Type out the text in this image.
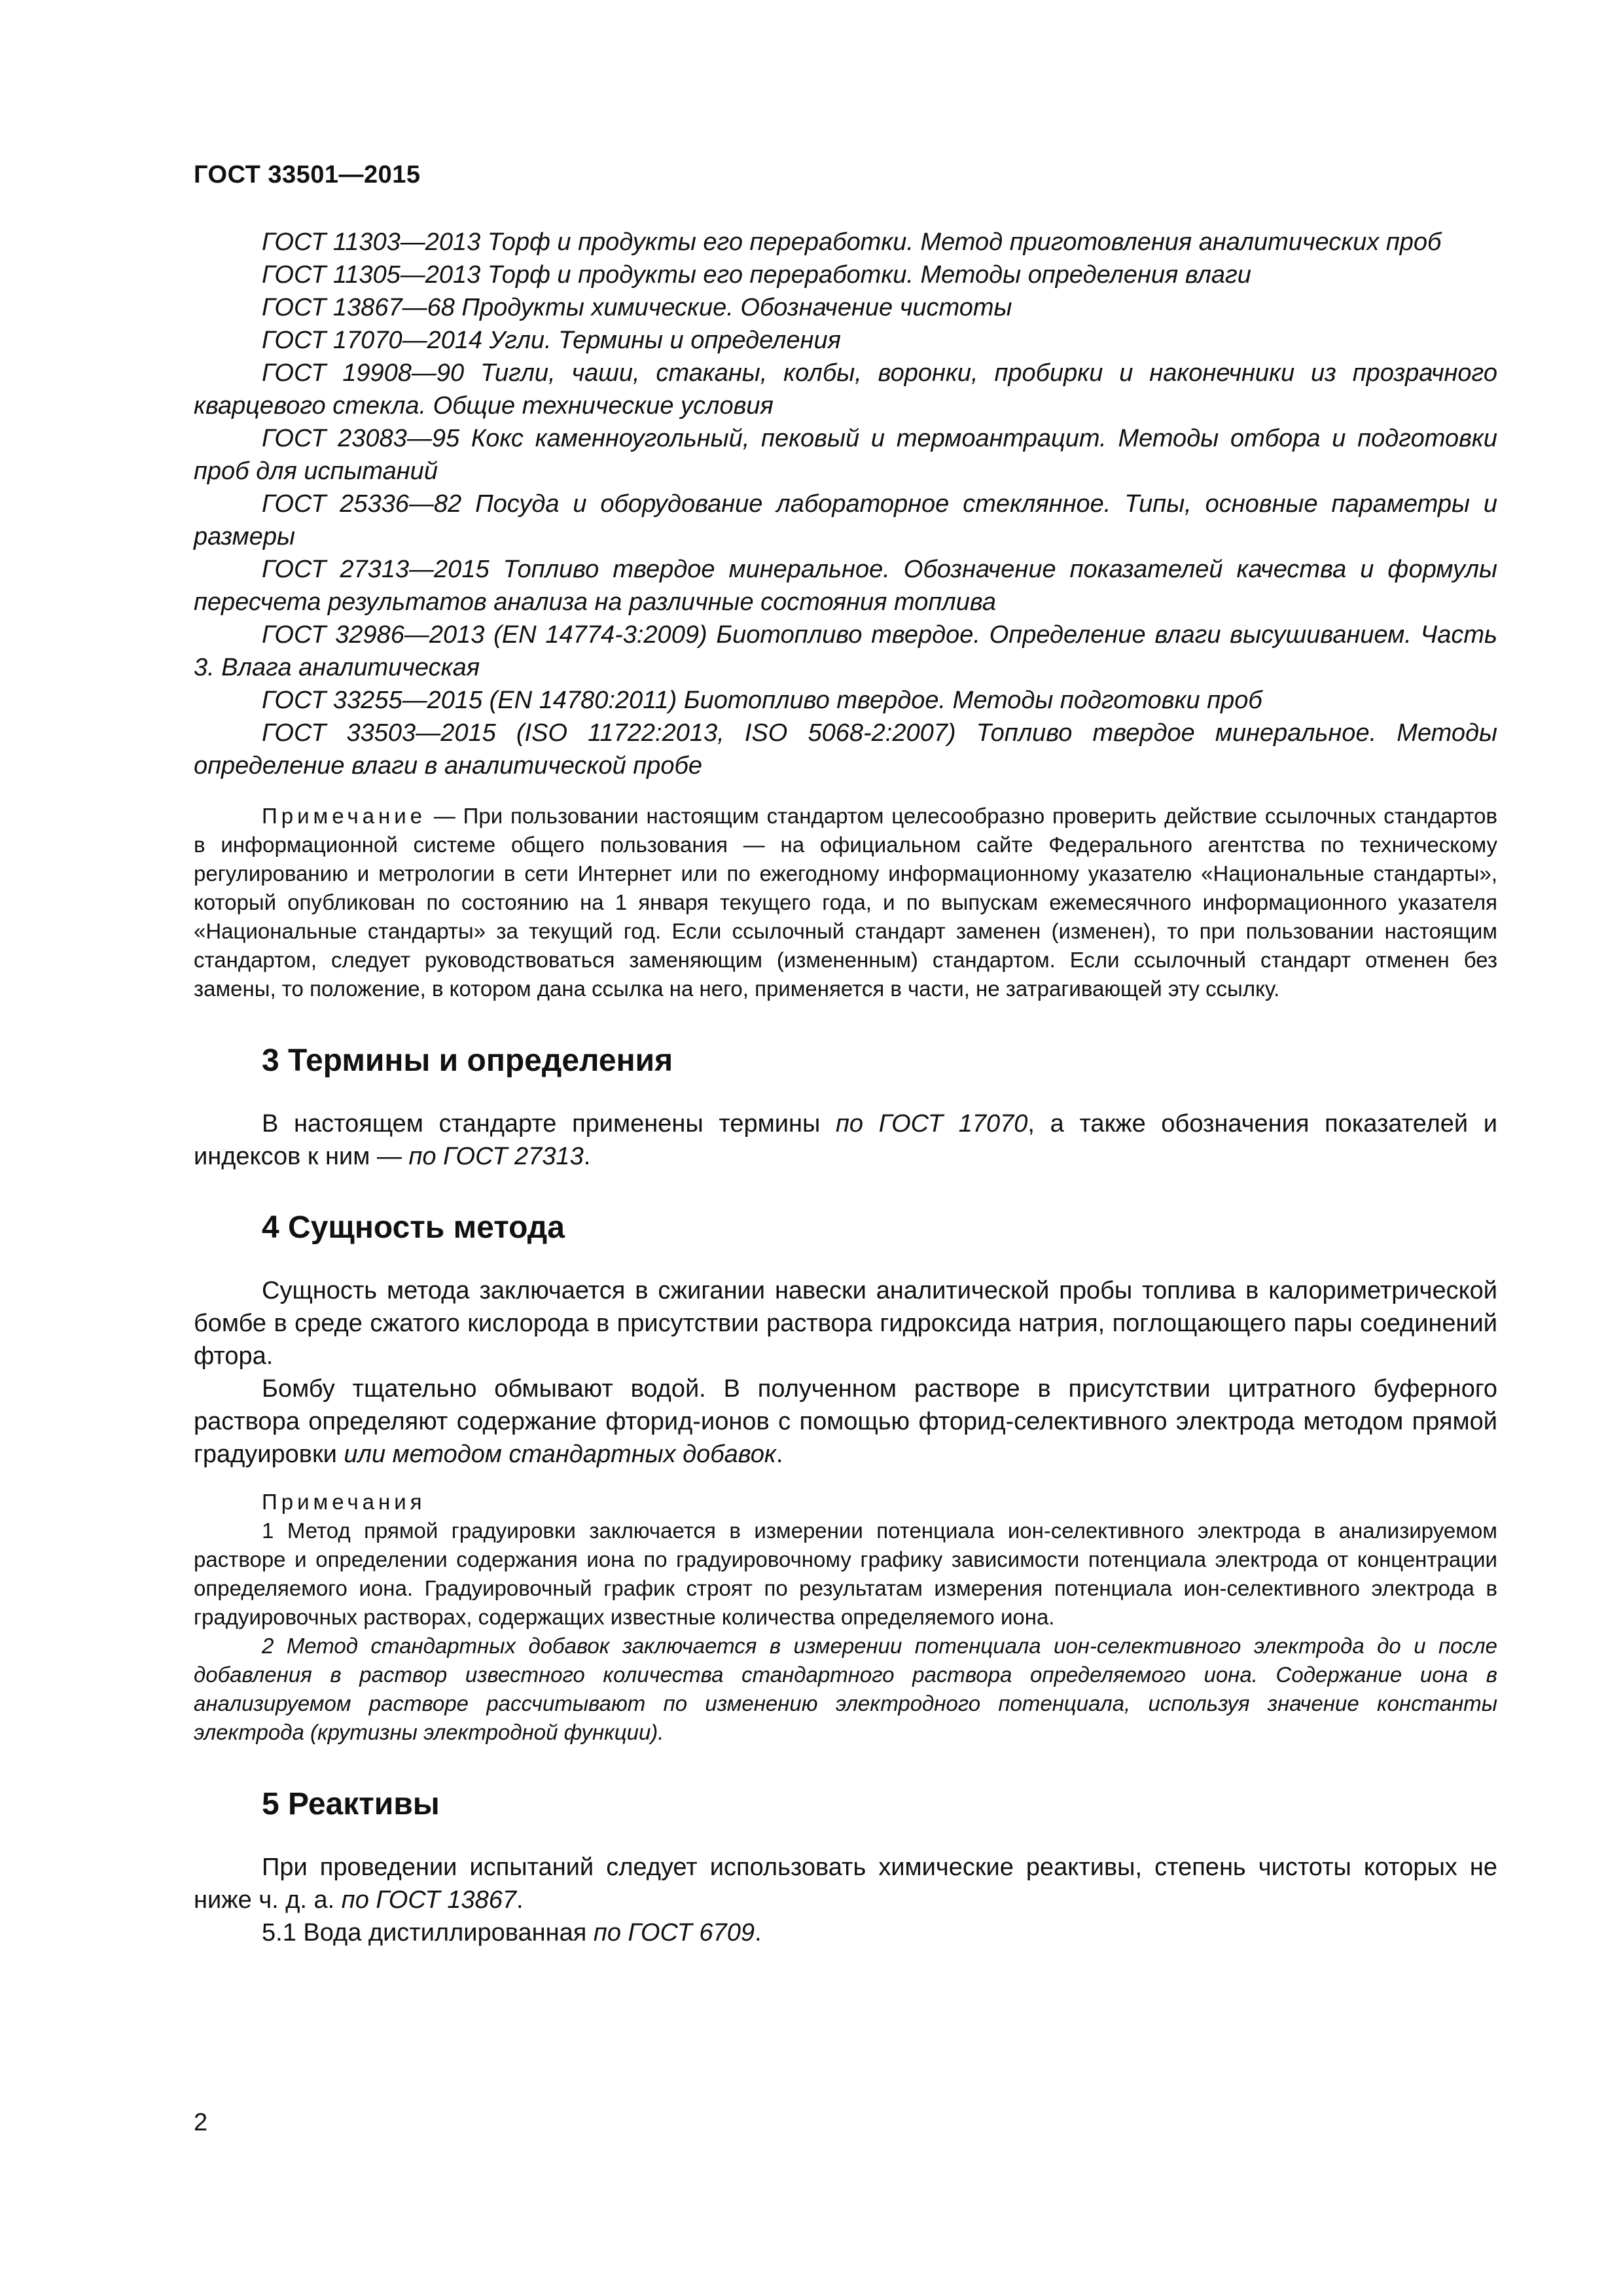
ГОСТ 33501—2015

ГОСТ 11303—2013 Торф и продукты его переработки. Метод приготовления аналитических проб

ГОСТ 11305—2013 Торф и продукты его переработки. Методы определения влаги

ГОСТ 13867—68 Продукты химические. Обозначение чистоты

ГОСТ 17070—2014 Угли. Термины и определения

ГОСТ 19908—90 Тигли, чаши, стаканы, колбы, воронки, пробирки и наконечники из прозрачного кварцевого стекла. Общие технические условия

ГОСТ 23083—95 Кокс каменноугольный, пековый и термоантрацит. Методы отбора и подготовки проб для испытаний

ГОСТ 25336—82 Посуда и оборудование лабораторное стеклянное. Типы, основные параметры и размеры

ГОСТ 27313—2015 Топливо твердое минеральное. Обозначение показателей качества и формулы пересчета результатов анализа на различные состояния топлива

ГОСТ 32986—2013 (EN 14774-3:2009) Биотопливо твердое. Определение влаги высушиванием. Часть 3. Влага аналитическая

ГОСТ 33255—2015 (EN 14780:2011) Биотопливо твердое. Методы подготовки проб

ГОСТ 33503—2015 (ISO 11722:2013, ISO 5068-2:2007) Топливо твердое минеральное. Методы определение влаги в аналитической пробе

Примечание — При пользовании настоящим стандартом целесообразно проверить действие ссылочных стандартов в информационной системе общего пользования — на официальном сайте Федерального агентства по техническому регулированию и метрологии в сети Интернет или по ежегодному информационному указателю «Национальные стандарты», который опубликован по состоянию на 1 января текущего года, и по выпускам ежемесячного информационного указателя «Национальные стандарты» за текущий год. Если ссылочный стандарт заменен (изменен), то при пользовании настоящим стандартом, следует руководствоваться заменяющим (измененным) стандартом. Если ссылочный стандарт отменен без замены, то положение, в котором дана ссылка на него, применяется в части, не затрагивающей эту ссылку.

3 Термины и определения

В настоящем стандарте применены термины по ГОСТ 17070, а также обозначения показателей и индексов к ним — по ГОСТ 27313.

4 Сущность метода

Сущность метода заключается в сжигании навески аналитической пробы топлива в калориметрической бомбе в среде сжатого кислорода в присутствии раствора гидроксида натрия, поглощающего пары соединений фтора.

Бомбу тщательно обмывают водой. В полученном растворе в присутствии цитратного буферного раствора определяют содержание фторид-ионов с помощью фторид-селективного электрода методом прямой градуировки или методом стандартных добавок.

Примечания

1 Метод прямой градуировки заключается в измерении потенциала ион-селективного электрода в анализируемом растворе и определении содержания иона по градуировочному графику зависимости потенциала электрода от концентрации определяемого иона. Градуировочный график строят по результатам измерения потенциала ион-селективного электрода в градуировочных растворах, содержащих известные количества определяемого иона.

2 Метод стандартных добавок заключается в измерении потенциала ион-селективного электрода до и после добавления в раствор известного количества стандартного раствора определяемого иона. Содержание иона в анализируемом растворе рассчитывают по изменению электродного потенциала, используя значение константы электрода (крутизны электродной функции).

5 Реактивы

При проведении испытаний следует использовать химические реактивы, степень чистоты которых не ниже ч. д. а. по ГОСТ 13867.

5.1 Вода дистиллированная по ГОСТ 6709.

2
